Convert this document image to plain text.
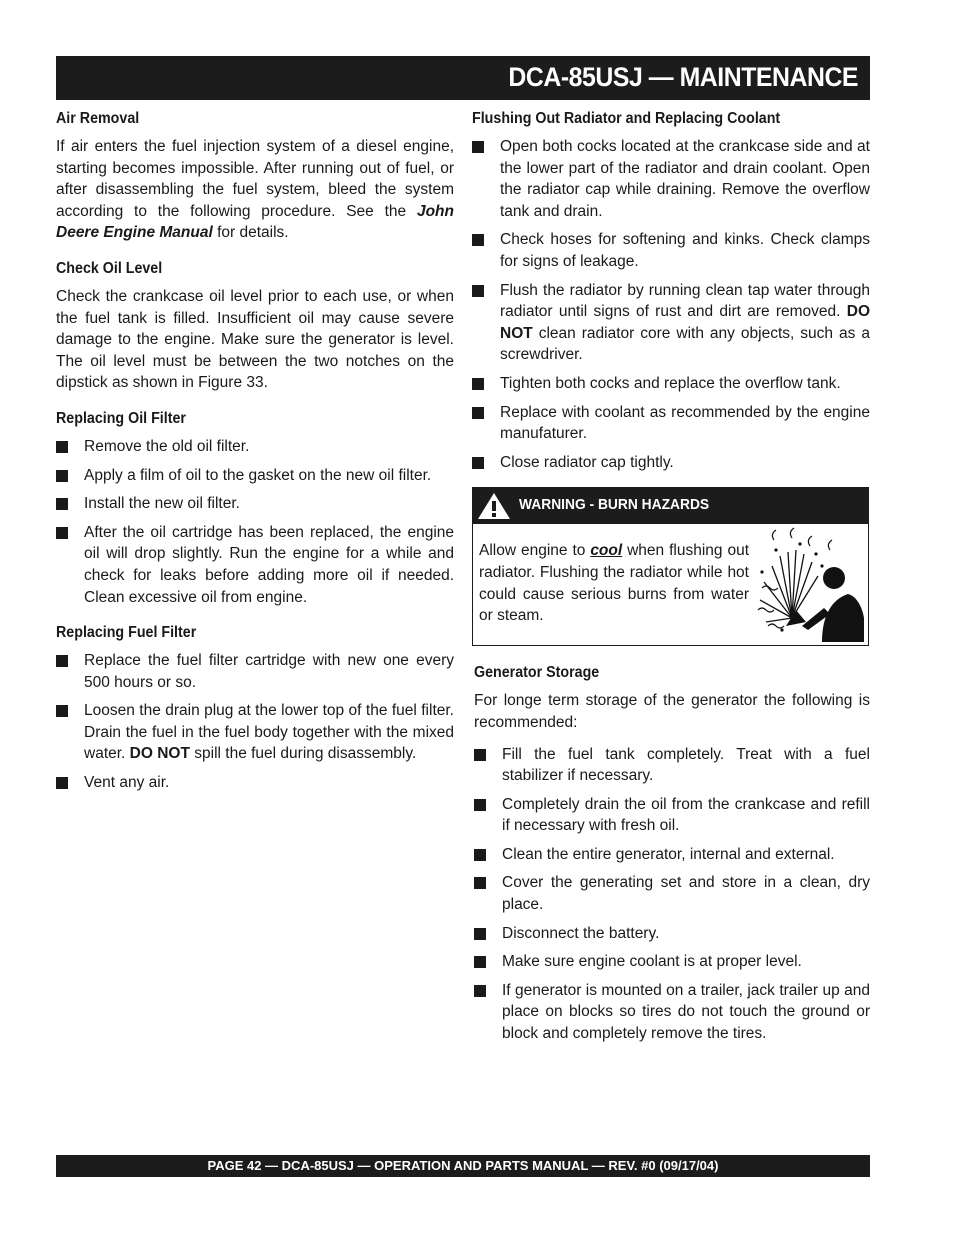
DCA-85USJ — MAINTENANCE
Air Removal

If air enters the fuel injection system of a diesel engine, starting becomes impossible. After running out of fuel, or after disassembling the fuel system, bleed the system according to the following procedure. See the John Deere Engine Manual for details.

Check Oil Level

Check the crankcase oil level prior to each use, or when the fuel tank is filled. Insufficient oil may cause severe damage to the engine. Make sure the generator is level. The oil level must be between the two notches on the dipstick as shown in Figure 33.

Replacing Oil Filter
Remove the old oil filter.
Apply a film of oil to the gasket on the new oil filter.
Install the new oil filter.
After the oil cartridge has been replaced, the engine oil will drop slightly. Run the engine for a while and check for leaks before adding more oil if needed. Clean excessive oil from engine.
Replacing Fuel Filter
Replace the fuel filter cartridge with new one every 500 hours or so.
Loosen the drain plug at the lower top of the fuel filter. Drain the fuel in the fuel body together with the mixed water. DO NOT spill the fuel during disassembly.
Vent any air.
Flushing Out Radiator and Replacing Coolant
Open both cocks located at the crankcase side and at the lower part of the radiator and drain coolant. Open the radiator cap while draining. Remove the overflow tank and drain.
Check hoses for softening and kinks. Check clamps for signs of leakage.
Flush the radiator by running clean tap water through radiator until signs of rust and dirt are removed. DO NOT clean radiator core with any objects, such as a screwdriver.
Tighten both cocks and replace the overflow tank.
Replace with coolant as recommended by the engine manufaturer.
Close radiator cap tightly.
WARNING - BURN HAZARDS
Allow engine to cool when flushing out radiator. Flushing the radiator while hot could cause serious burns from water or steam.
Generator Storage

For longe term storage of the generator the following is recommended:

Fill the fuel tank completely. Treat with a fuel stabilizer if necessary.
Completely drain the oil from the crankcase and refill if necessary with fresh oil.
Clean the entire generator, internal and external.
Cover the generating set and store in a clean, dry place.
Disconnect the battery.
Make sure engine coolant is at proper level.
If generator is mounted on a trailer, jack trailer up and place on blocks so tires do not touch the ground or block and completely remove the tires.
PAGE 42 — DCA-85USJ — OPERATION AND PARTS MANUAL — REV. #0 (09/17/04)
